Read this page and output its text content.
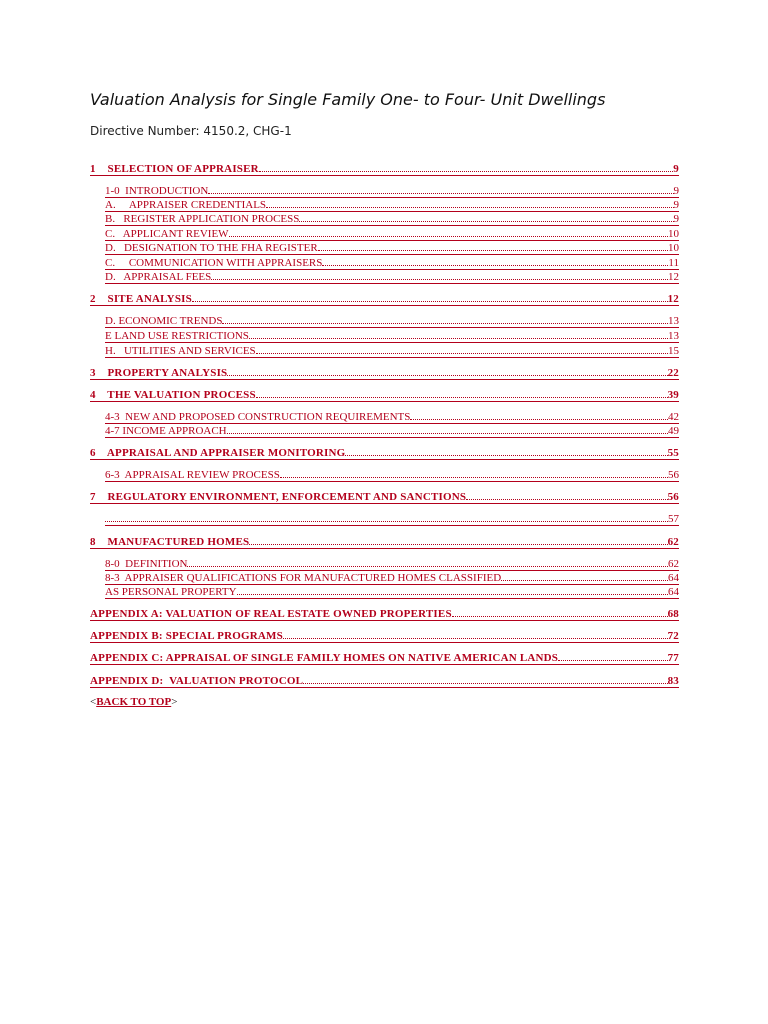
Valuation Analysis for Single Family One- to Four- Unit Dwellings
Directive Number: 4150.2, CHG-1
1    SELECTION OF APPRAISER	9
1-0  INTRODUCTION	9
A.     APPRAISER CREDENTIALS	9
B.   REGISTER APPLICATION PROCESS	9
C.   APPLICANT REVIEW	10
D.   DESIGNATION TO THE FHA REGISTER	10
C.     COMMUNICATION WITH APPRAISERS	11
D.   APPRAISAL FEES	12
2    SITE ANALYSIS	12
D. ECONOMIC TRENDS	13
E LAND USE RESTRICTIONS	13
H.   UTILITIES AND SERVICES	15
3    PROPERTY ANALYSIS	22
4    THE VALUATION PROCESS	39
4-3  NEW AND PROPOSED CONSTRUCTION REQUIREMENTS	42
4-7 INCOME APPROACH	49
6    APPRAISAL AND APPRAISER MONITORING	55
6-3  APPRAISAL REVIEW PROCESS	56
7    REGULATORY ENVIRONMENT, ENFORCEMENT AND SANCTIONS	56
57
8    MANUFACTURED HOMES	62
8-0  DEFINITION	62
8-3  APPRAISER QUALIFICATIONS FOR MANUFACTURED HOMES CLASSIFIED	64
AS PERSONAL PROPERTY	64
APPENDIX A: VALUATION OF REAL ESTATE OWNED PROPERTIES	68
APPENDIX B: SPECIAL PROGRAMS	72
APPENDIX C: APPRAISAL OF SINGLE FAMILY HOMES ON NATIVE AMERICAN LANDS	77
APPENDIX D:  VALUATION PROTOCOL	83
<BACK TO TOP>
